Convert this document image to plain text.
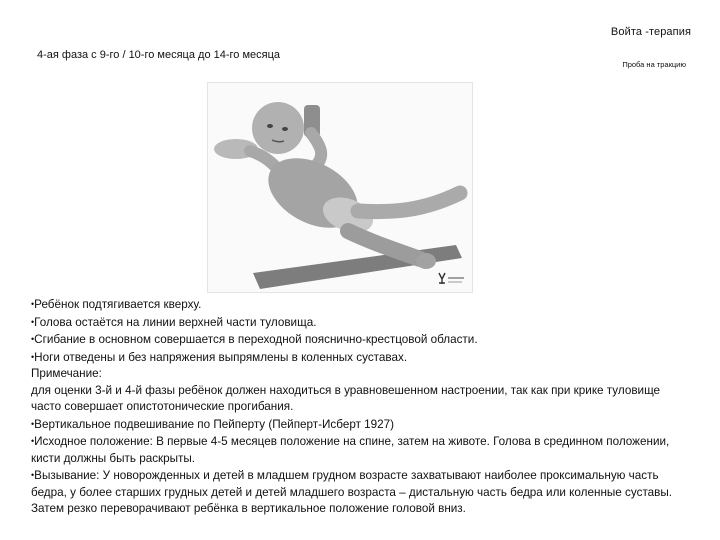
Войта -терапия
4-ая фаза с 9-го / 10-го месяца до 14-го месяца
Проба на тракцию

•Ребёнок подтягивается кверху.

•Голова остаётся на линии верхней части туловища.

•Сгибание в основном совершается в переходной пояснично-крестцовой области.

•Ноги отведены и без напряжения выпрямлены в коленных суставах.

Примечание:

для оценки 3-й и 4-й фазы ребёнок должен находиться в уравновешенном настроении, так как при крике туловище часто совершает опистотонические прогибания.

•Вертикальное подвешивание по Пейперту (Пейперт-Исберт 1927)

•Исходное положение: В первые 4-5 месяцев положение на спине, затем на животе. Голова в срединном положении, кисти должны быть раскрыты.

•Вызывание: У новорожденных и детей в младшем грудном возрасте захватывают наиболее проксимальную часть бедра, у более старших грудных детей и детей младшего возраста – дистальную часть бедра или коленные суставы. Затем резко переворачивают ребёнка в вертикальное положение головой вниз.
